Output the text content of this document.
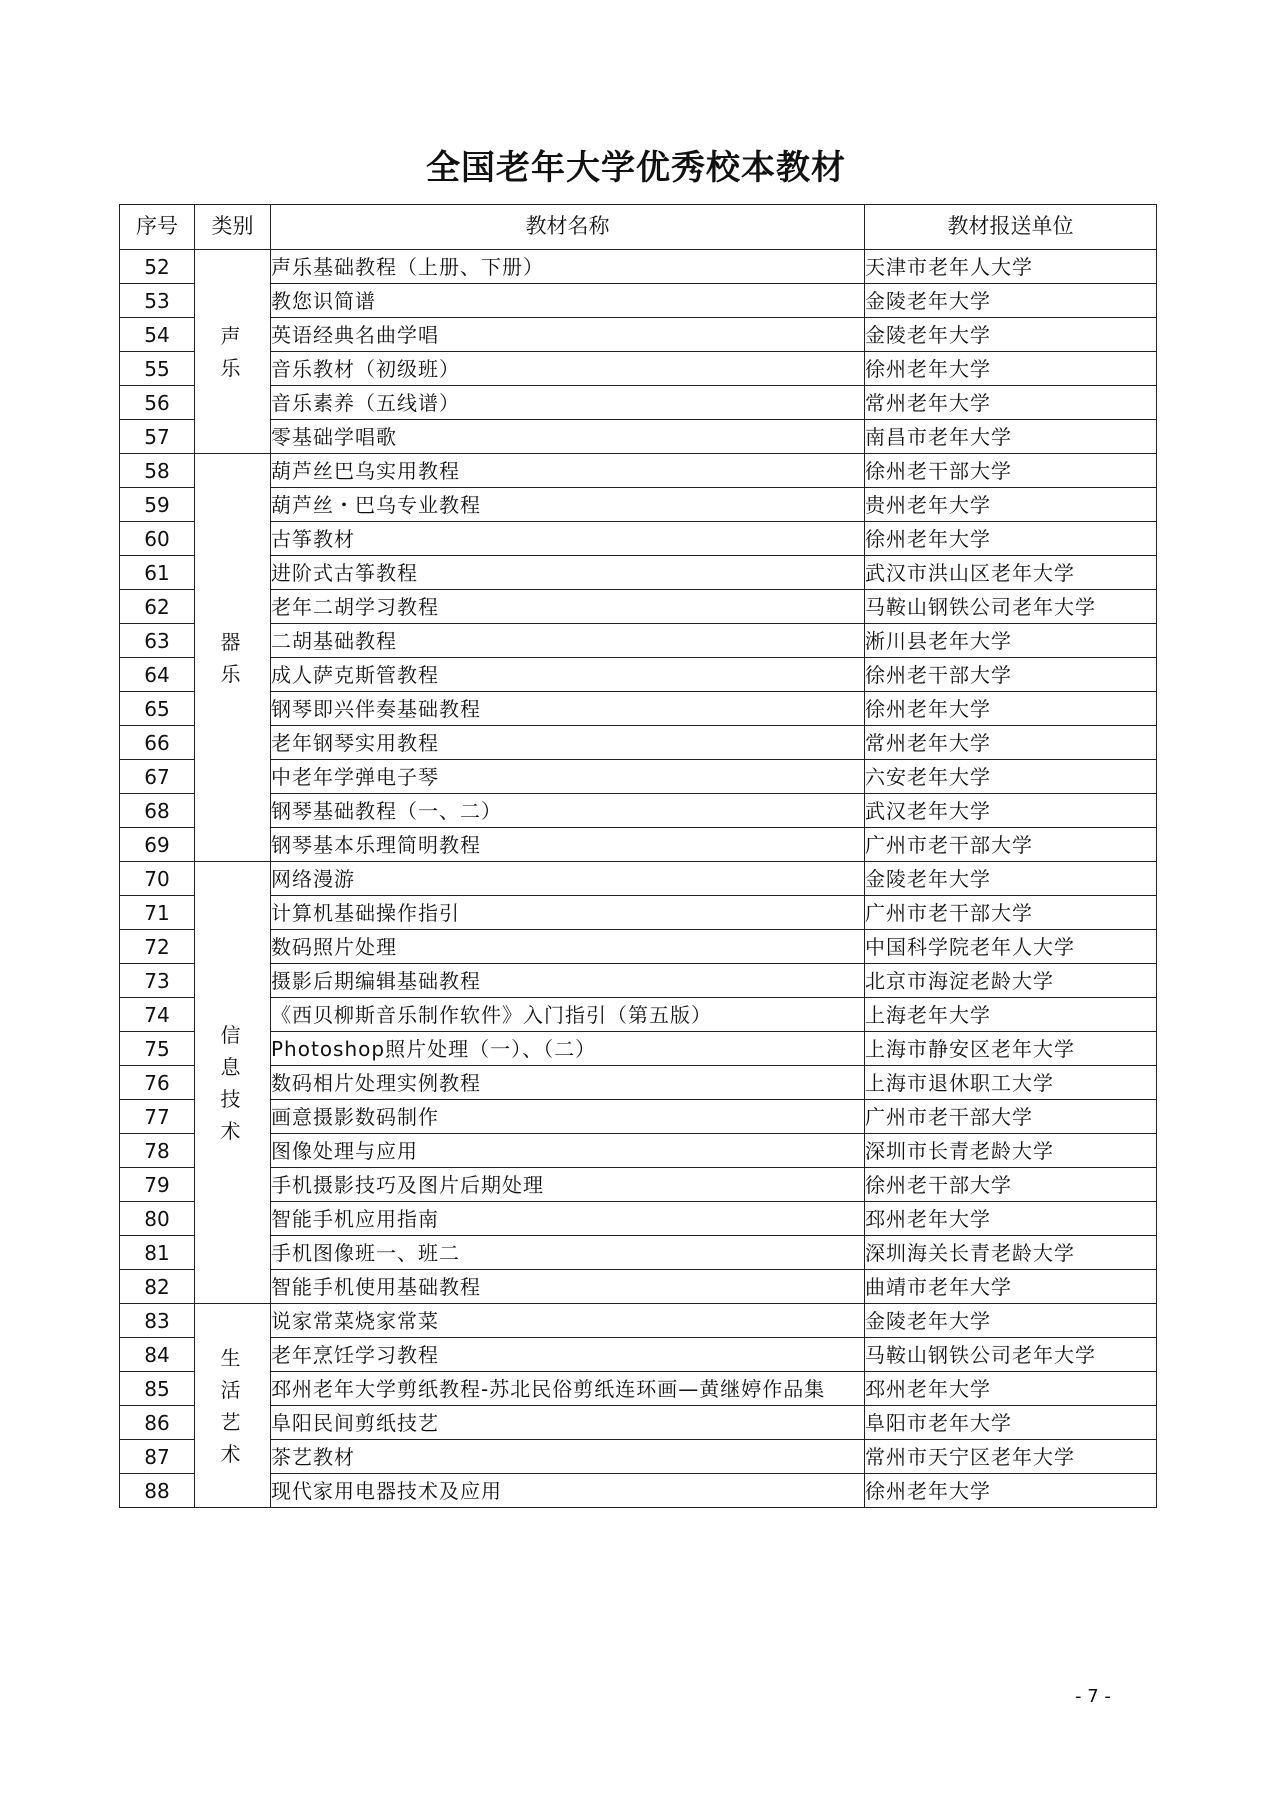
全国老年大学优秀校本教材
序号	类别	教材名称	教材报送单位
52	声乐	声乐基础教程（上册、下册）	天津市老年人大学
53		教您识简谱	金陵老年大学
54		英语经典名曲学唱	金陵老年大学
55		音乐教材（初级班）	徐州老年大学
56		音乐素养（五线谱）	常州老年大学
57		零基础学唱歌	南昌市老年大学
58	器乐	葫芦丝巴乌实用教程	徐州老干部大学
59		葫芦丝・巴乌专业教程	贵州老年大学
60		古筝教材	徐州老年大学
61		进阶式古筝教程	武汉市洪山区老年大学
62		老年二胡学习教程	马鞍山钢铁公司老年大学
63		二胡基础教程	淅川县老年大学
64		成人萨克斯管教程	徐州老干部大学
65		钢琴即兴伴奏基础教程	徐州老年大学
66		老年钢琴实用教程	常州老年大学
67		中老年学弹电子琴	六安老年大学
68		钢琴基础教程（一、二）	武汉老年大学
69		钢琴基本乐理简明教程	广州市老干部大学
70	信息技术	网络漫游	金陵老年大学
71		计算机基础操作指引	广州市老干部大学
72		数码照片处理	中国科学院老年人大学
73		摄影后期编辑基础教程	北京市海淀老龄大学
74		《西贝柳斯音乐制作软件》入门指引（第五版）	上海老年大学
75		Photoshop照片处理（一）、（二）	上海市静安区老年大学
76		数码相片处理实例教程	上海市退休职工大学
77		画意摄影数码制作	广州市老干部大学
78		图像处理与应用	深圳市长青老龄大学
79		手机摄影技巧及图片后期处理	徐州老干部大学
80		智能手机应用指南	邳州老年大学
81		手机图像班一、班二	深圳海关长青老龄大学
82		智能手机使用基础教程	曲靖市老年大学
83	生活艺术	说家常菜烧家常菜	金陵老年大学
84		老年烹饪学习教程	马鞍山钢铁公司老年大学
85		邳州老年大学剪纸教程-苏北民俗剪纸连环画—黄继婷作品集	邳州老年大学
86		阜阳民间剪纸技艺	阜阳市老年大学
87		茶艺教材	常州市天宁区老年大学
88		现代家用电器技术及应用	徐州老年大学
- 7 -
